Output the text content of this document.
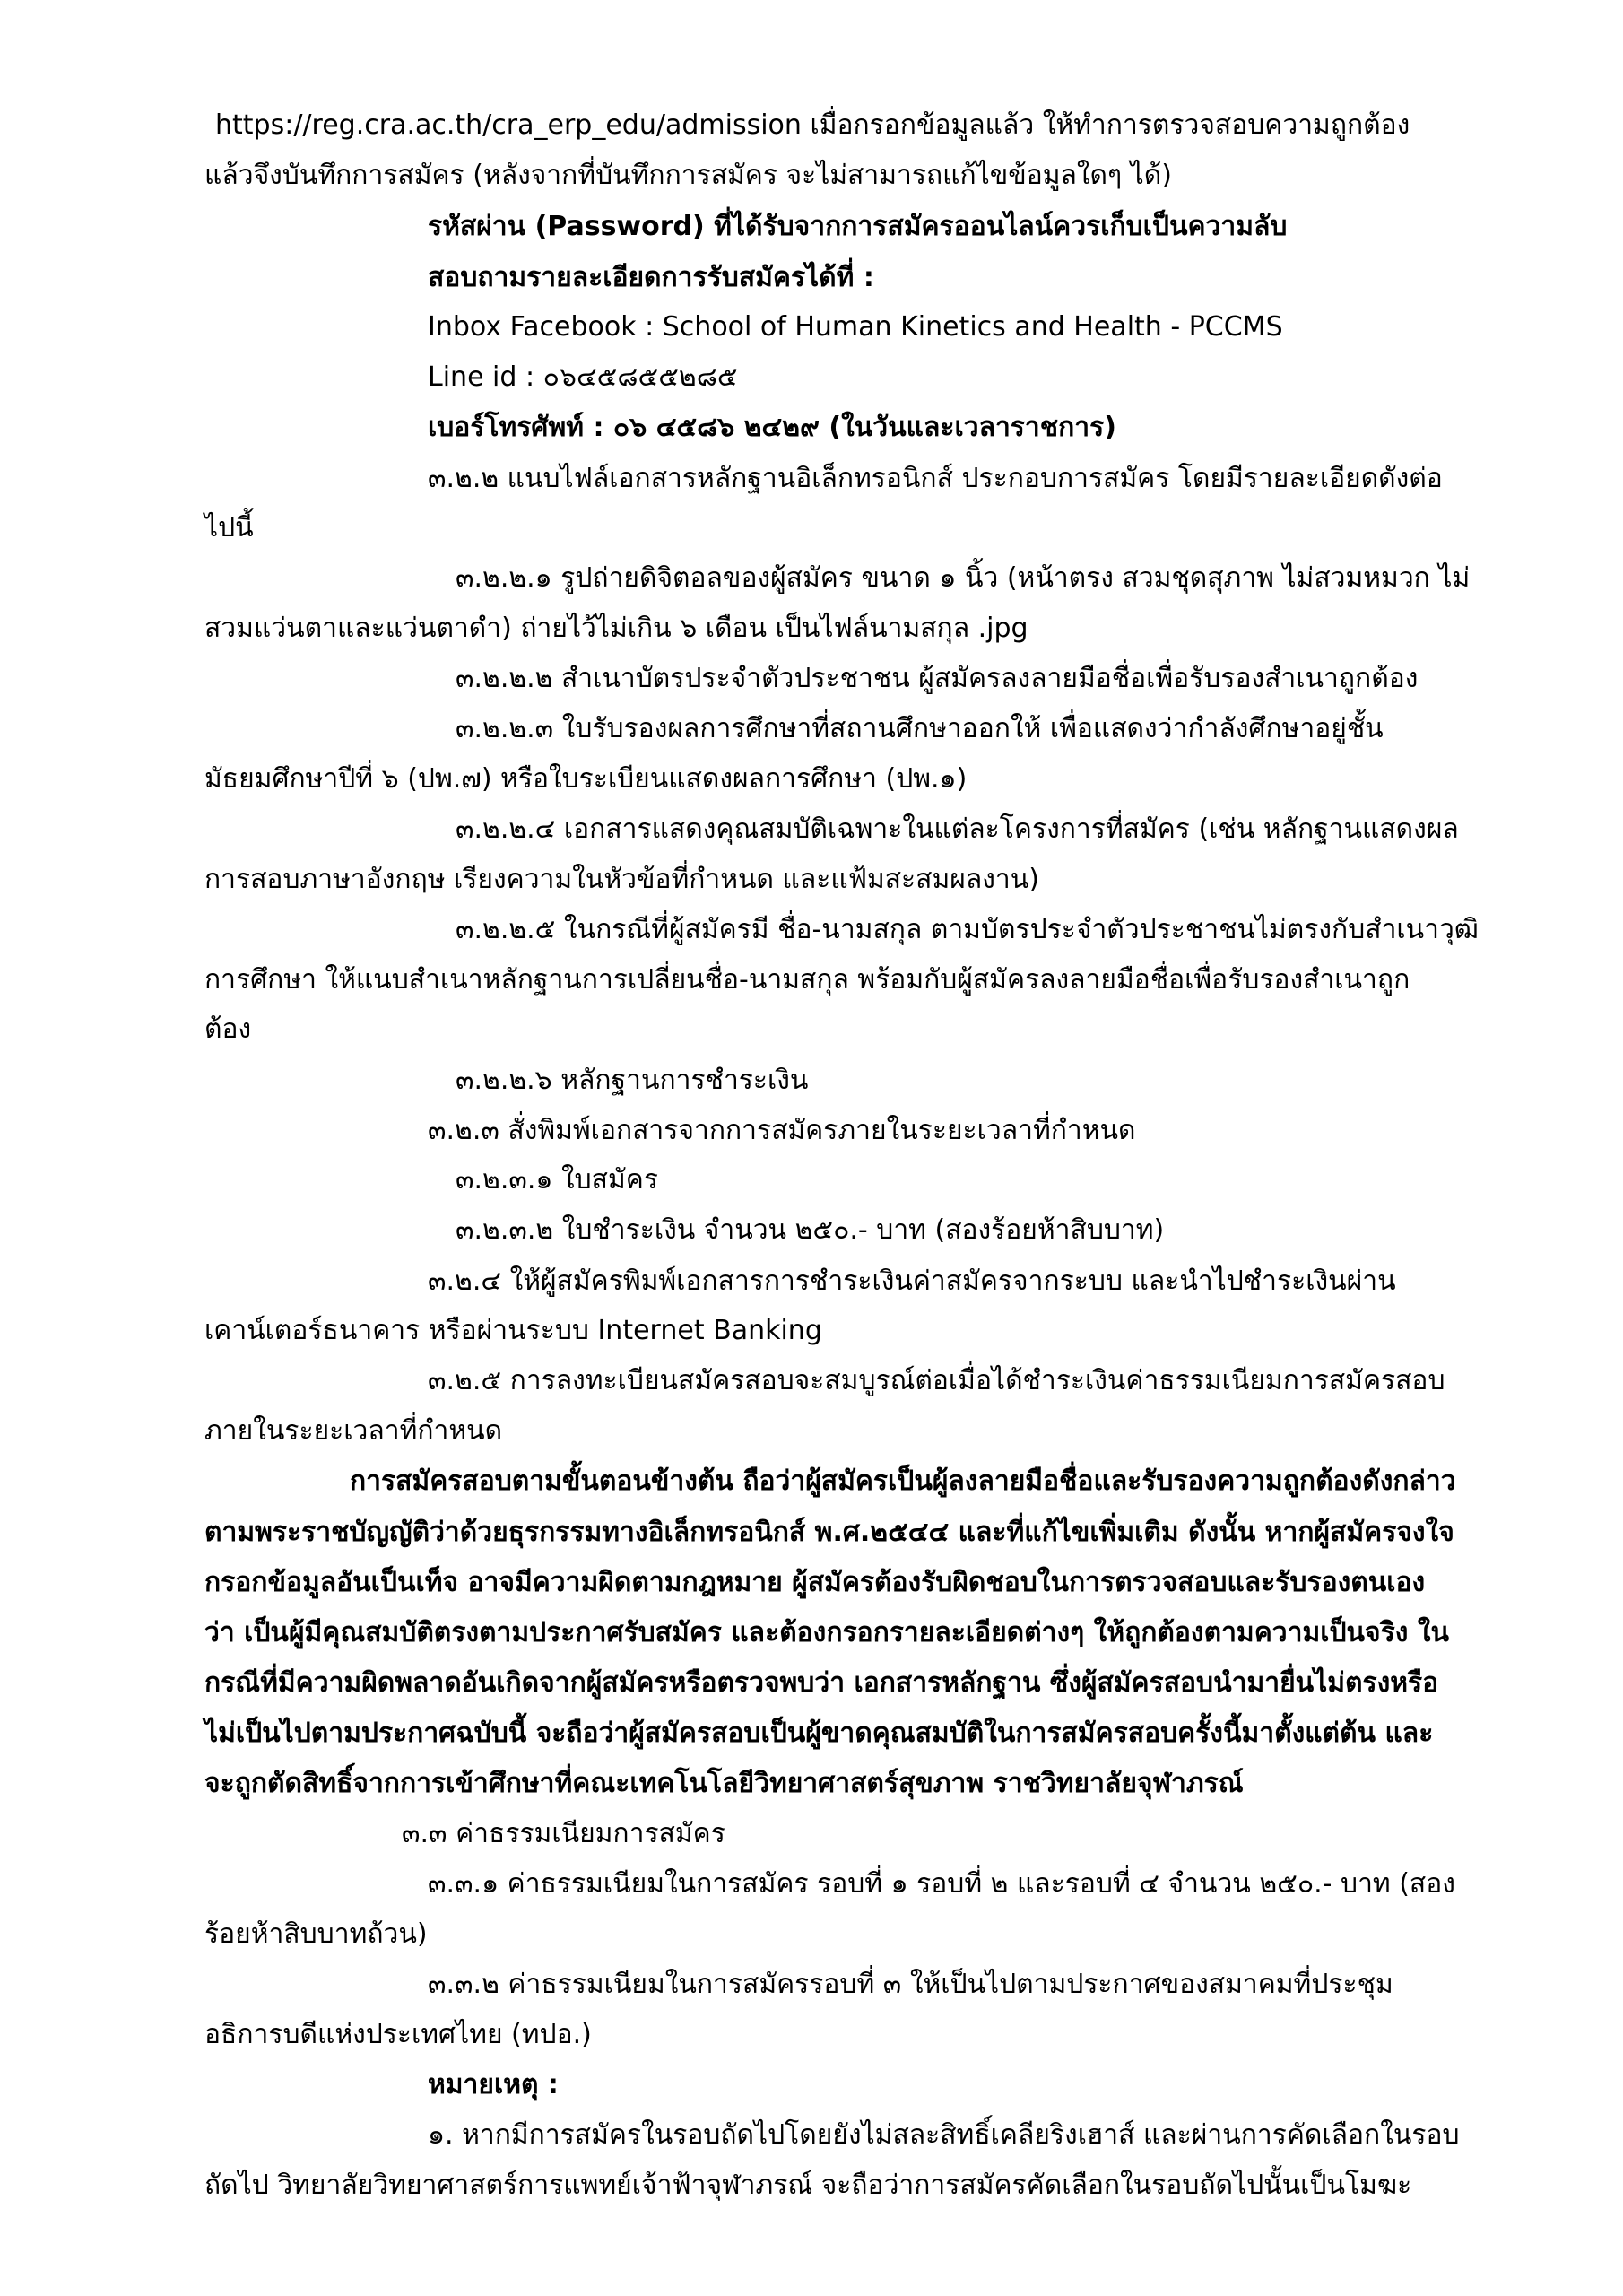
https://reg.cra.ac.th/cra_erp_edu/admission เมื่อกรอกข้อมูลแล้ว ให้ทำการตรวจสอบความถูกต้อง

แล้วจึงบันทึกการสมัคร (หลังจากที่บันทึกการสมัคร จะไม่สามารถแก้ไขข้อมูลใดๆ ได้)

รหัสผ่าน (Password) ที่ได้รับจากการสมัครออนไลน์ควรเก็บเป็นความลับ

สอบถามรายละเอียดการรับสมัครได้ที่ :

Inbox Facebook : School of Human Kinetics and Health - PCCMS

Line id : ๐๖๔๕๘๕๕๒๘๕

เบอร์โทรศัพท์ : ๐๖ ๔๕๘๖ ๒๔๒๙ (ในวันและเวลาราชการ)

๓.๒.๒ แนบไฟล์เอกสารหลักฐานอิเล็กทรอนิกส์ ประกอบการสมัคร โดยมีรายละเอียดดังต่อ

ไปนี้

๓.๒.๒.๑ รูปถ่ายดิจิตอลของผู้สมัคร ขนาด ๑ นิ้ว (หน้าตรง สวมชุดสุภาพ ไม่สวมหมวก ไม่

สวมแว่นตาและแว่นตาดำ) ถ่ายไว้ไม่เกิน ๖ เดือน เป็นไฟล์นามสกุล .jpg

๓.๒.๒.๒ สำเนาบัตรประจำตัวประชาชน ผู้สมัครลงลายมือชื่อเพื่อรับรองสำเนาถูกต้อง

๓.๒.๒.๓ ใบรับรองผลการศึกษาที่สถานศึกษาออกให้ เพื่อแสดงว่ากำลังศึกษาอยู่ชั้น

มัธยมศึกษาปีที่ ๖ (ปพ.๗) หรือใบระเบียนแสดงผลการศึกษา (ปพ.๑)

๓.๒.๒.๔ เอกสารแสดงคุณสมบัติเฉพาะในแต่ละโครงการที่สมัคร (เช่น หลักฐานแสดงผล

การสอบภาษาอังกฤษ เรียงความในหัวข้อที่กำหนด และแฟ้มสะสมผลงาน)

๓.๒.๒.๕ ในกรณีที่ผู้สมัครมี ชื่อ-นามสกุล ตามบัตรประจำตัวประชาชนไม่ตรงกับสำเนาวุฒิ

การศึกษา ให้แนบสำเนาหลักฐานการเปลี่ยนชื่อ-นามสกุล พร้อมกับผู้สมัครลงลายมือชื่อเพื่อรับรองสำเนาถูก

ต้อง

๓.๒.๒.๖ หลักฐานการชำระเงิน

๓.๒.๓ สั่งพิมพ์เอกสารจากการสมัครภายในระยะเวลาที่กำหนด

๓.๒.๓.๑ ใบสมัคร

๓.๒.๓.๒ ใบชำระเงิน จำนวน ๒๕๐.- บาท (สองร้อยห้าสิบบาท)

๓.๒.๔ ให้ผู้สมัครพิมพ์เอกสารการชำระเงินค่าสมัครจากระบบ และนำไปชำระเงินผ่าน

เคาน์เตอร์ธนาคาร หรือผ่านระบบ Internet Banking

๓.๒.๕ การลงทะเบียนสมัครสอบจะสมบูรณ์ต่อเมื่อได้ชำระเงินค่าธรรมเนียมการสมัครสอบ

ภายในระยะเวลาที่กำหนด

การสมัครสอบตามขั้นตอนข้างต้น ถือว่าผู้สมัครเป็นผู้ลงลายมือชื่อและรับรองความถูกต้องดังกล่าว

ตามพระราชบัญญัติว่าด้วยธุรกรรมทางอิเล็กทรอนิกส์ พ.ศ.๒๕๔๔ และที่แก้ไขเพิ่มเติม ดังนั้น หากผู้สมัครจงใจ

กรอกข้อมูลอันเป็นเท็จ อาจมีความผิดตามกฎหมาย ผู้สมัครต้องรับผิดชอบในการตรวจสอบและรับรองตนเอง

ว่า เป็นผู้มีคุณสมบัติตรงตามประกาศรับสมัคร และต้องกรอกรายละเอียดต่างๆ ให้ถูกต้องตามความเป็นจริง ใน

กรณีที่มีความผิดพลาดอันเกิดจากผู้สมัครหรือตรวจพบว่า เอกสารหลักฐาน ซึ่งผู้สมัครสอบนำมายื่นไม่ตรงหรือ

ไม่เป็นไปตามประกาศฉบับนี้ จะถือว่าผู้สมัครสอบเป็นผู้ขาดคุณสมบัติในการสมัครสอบครั้งนี้มาตั้งแต่ต้น และ

จะถูกตัดสิทธิ์จากการเข้าศึกษาที่คณะเทคโนโลยีวิทยาศาสตร์สุขภาพ ราชวิทยาลัยจุฬาภรณ์

๓.๓ ค่าธรรมเนียมการสมัคร

๓.๓.๑ ค่าธรรมเนียมในการสมัคร รอบที่ ๑ รอบที่ ๒ และรอบที่ ๔ จำนวน ๒๕๐.- บาท (สอง

ร้อยห้าสิบบาทถ้วน)

๓.๓.๒ ค่าธรรมเนียมในการสมัครรอบที่ ๓ ให้เป็นไปตามประกาศของสมาคมที่ประชุม

อธิการบดีแห่งประเทศไทย (ทปอ.)

หมายเหตุ :

๑. หากมีการสมัครในรอบถัดไปโดยยังไม่สละสิทธิ์เคลียริงเฮาส์ และผ่านการคัดเลือกในรอบ

ถัดไป วิทยาลัยวิทยาศาสตร์การแพทย์เจ้าฟ้าจุฬาภรณ์ จะถือว่าการสมัครคัดเลือกในรอบถัดไปนั้นเป็นโมฆะ
